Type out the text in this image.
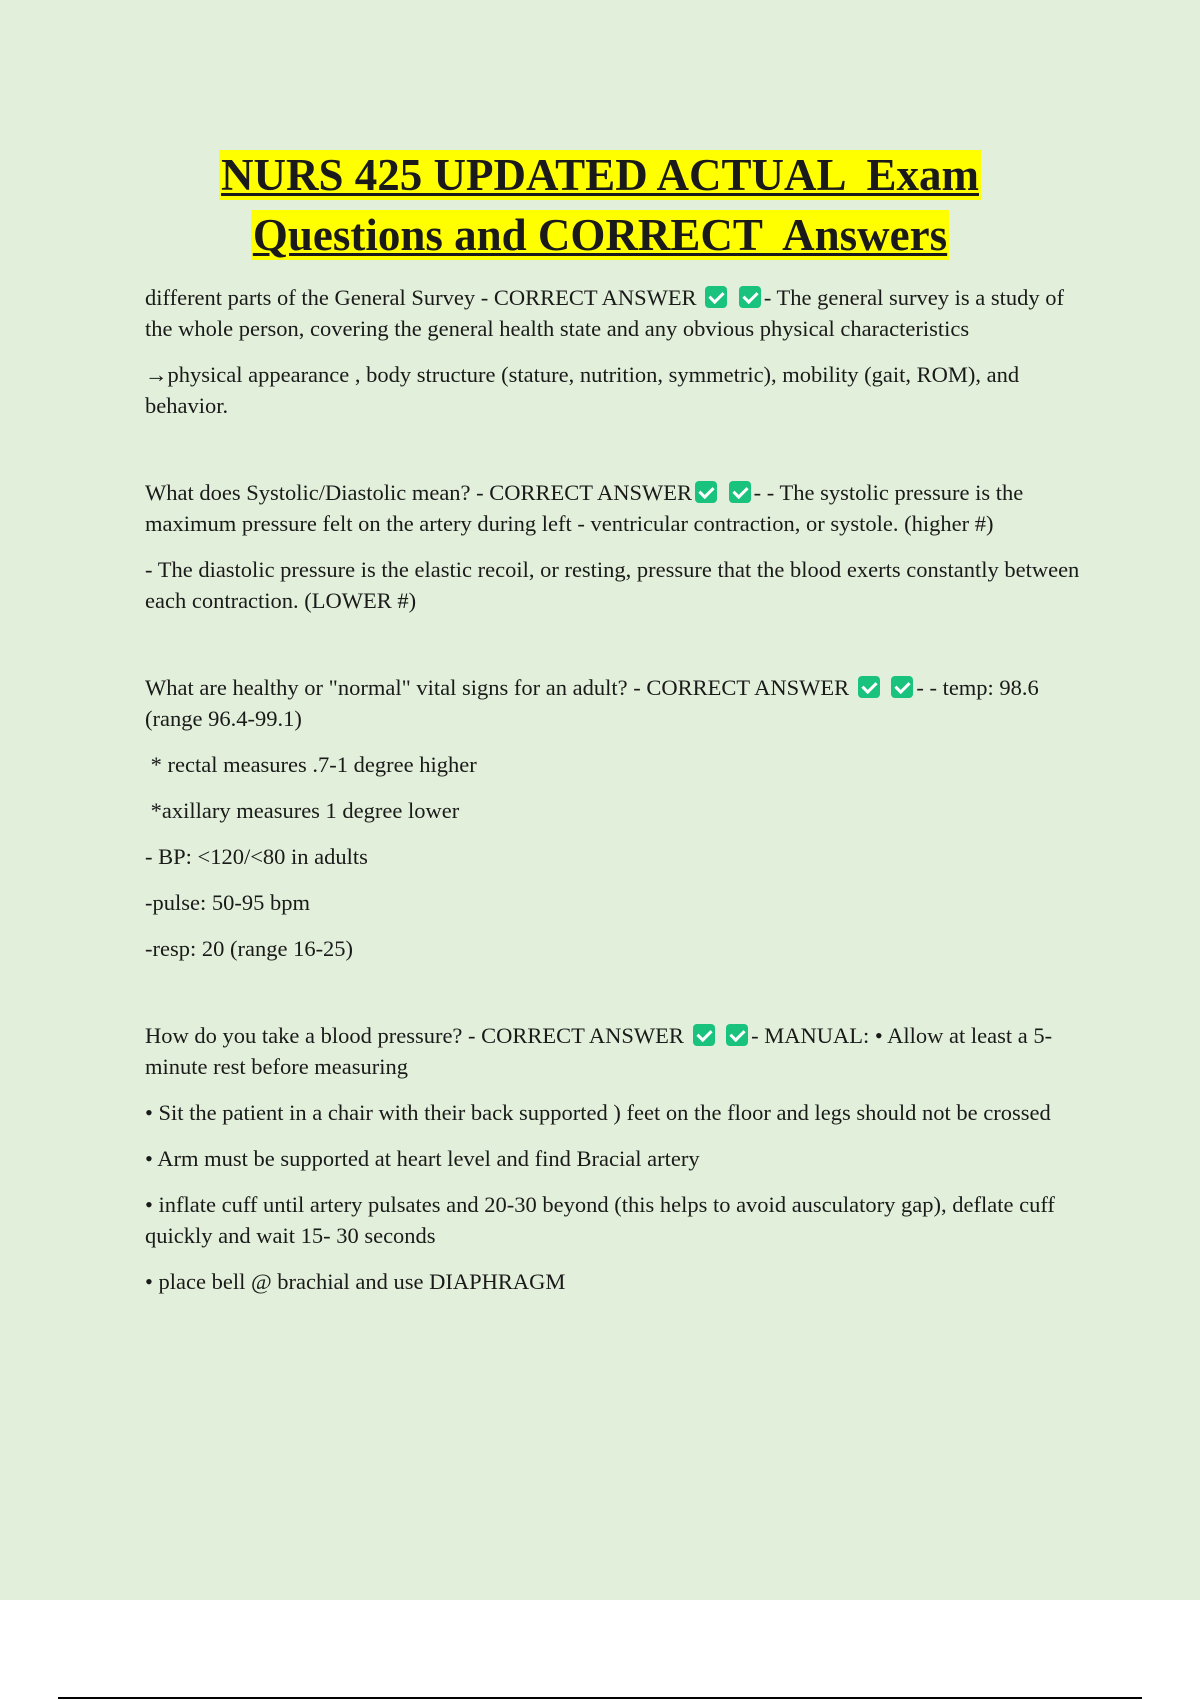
NURS 425 UPDATED ACTUAL  Exam
Questions and CORRECT  Answers

different parts of the General Survey - CORRECT ANSWER	- The general survey is a study of the whole person, covering the general health state and any obvious physical characteristics

→physical appearance , body structure (stature, nutrition, symmetric), mobility (gait, ROM), and behavior.

What does Systolic/Diastolic mean? - CORRECT ANSWER	- - The systolic pressure is the maximum pressure felt on the artery during left - ventricular contraction, or systole. (higher #)

- The diastolic pressure is the elastic recoil, or resting, pressure that the blood exerts constantly between each contraction. (LOWER #)

What are healthy or "normal" vital signs for an adult? - CORRECT ANSWER	- - temp: 98.6 (range 96.4-99.1)

* rectal measures .7-1 degree higher

*axillary measures 1 degree lower

- BP: <120/<80 in adults

-pulse: 50-95 bpm

-resp: 20 (range 16-25)

How do you take a blood pressure? - CORRECT ANSWER	- MANUAL: • Allow at least a 5-minute rest before measuring

• Sit the patient in a chair with their back supported ) feet on the floor and legs should not be crossed

• Arm must be supported at heart level and find Bracial artery

• inflate cuff until artery pulsates and 20-30 beyond (this helps to avoid ausculatory gap), deflate cuff quickly and wait 15- 30 seconds

• place bell @ brachial and use DIAPHRAGM
